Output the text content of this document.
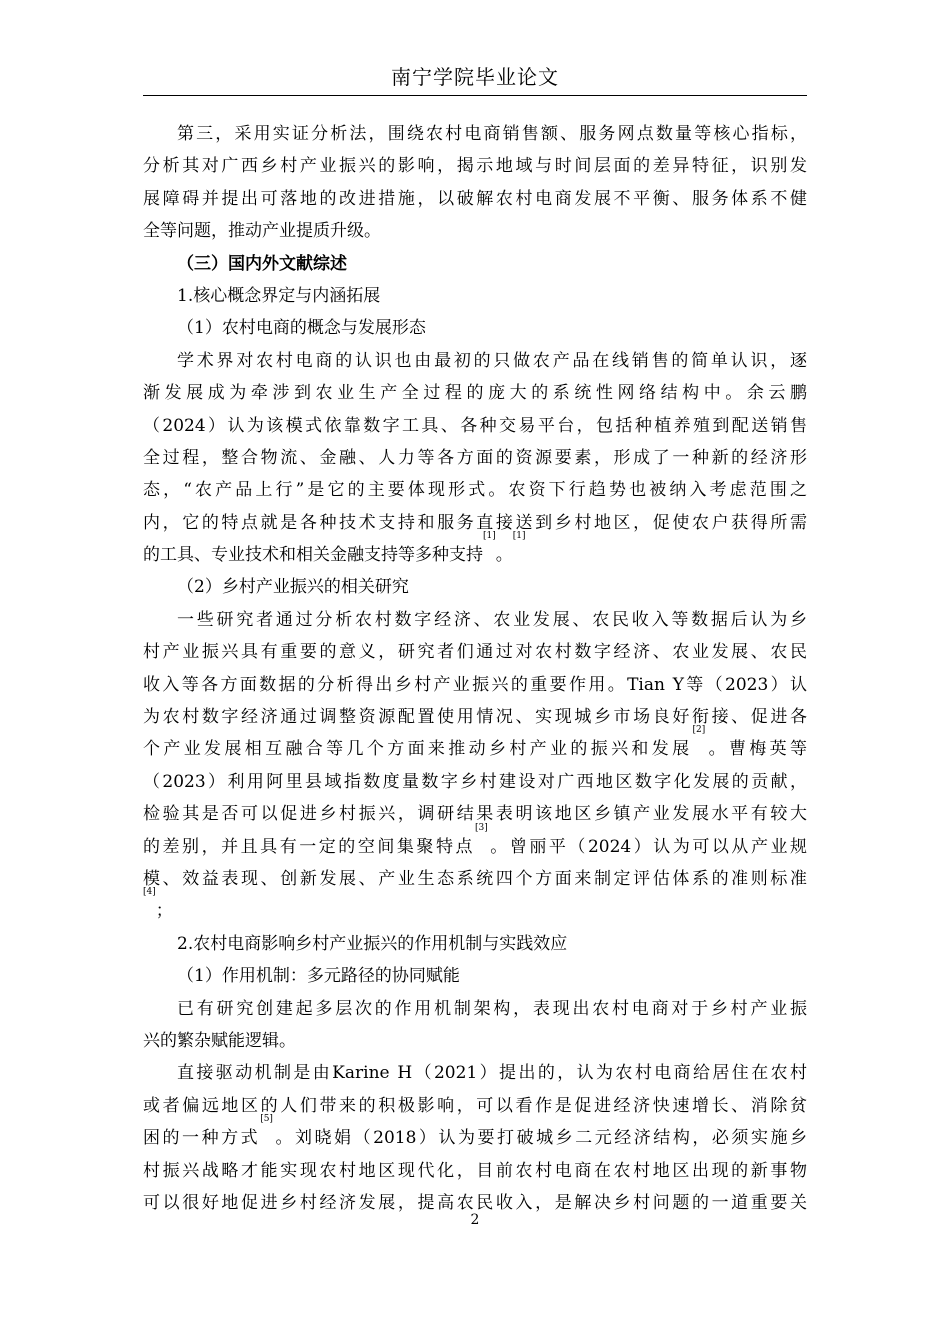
南宁学院毕业论文
第三，采用实证分析法，围绕农村电商销售额、服务网点数量等核心指标，
分析其对广西乡村产业振兴的影响，揭示地域与时间层面的差异特征，识别发
展障碍并提出可落地的改进措施，以破解农村电商发展不平衡、服务体系不健
全等问题，推动产业提质升级。
（三）国内外文献综述
1.核心概念界定与内涵拓展
（1）农村电商的概念与发展形态
学术界对农村电商的认识也由最初的只做农产品在线销售的简单认识，逐
渐发展成为牵涉到农业生产全过程的庞大的系统性网络结构中。余云鹏
（2024）认为该模式依靠数字工具、各种交易平台，包括种植养殖到配送销售
全过程，整合物流、金融、人力等各方面的资源要素，形成了一种新的经济形
态，“农产品上行”是它的主要体现形式。农资下行趋势也被纳入考虑范围之
内，它的特点就是各种技术支持和服务直接送到乡村地区，促使农户获得所需
的工具、专业技术和相关金融支持等多种支持[1]。[1]
（2）乡村产业振兴的相关研究
一些研究者通过分析农村数字经济、农业发展、农民收入等数据后认为乡
村产业振兴具有重要的意义，研究者们通过对农村数字经济、农业发展、农民
收入等各方面数据的分析得出乡村产业振兴的重要作用。Tian Y等（2023）认
为农村数字经济通过调整资源配置使用情况、实现城乡市场良好衔接、促进各
个产业发展相互融合等几个方面来推动乡村产业的振兴和发展[2]。曹梅英等
（2023）利用阿里县域指数度量数字乡村建设对广西地区数字化发展的贡献，
检验其是否可以促进乡村振兴，调研结果表明该地区乡镇产业发展水平有较大
的差别，并且具有一定的空间集聚特点[3]。曾丽平（2024）认为可以从产业规
模、效益表现、创新发展、产业生态系统四个方面来制定评估体系的准则标准
[4]；
2.农村电商影响乡村产业振兴的作用机制与实践效应
（1）作用机制：多元路径的协同赋能
已有研究创建起多层次的作用机制架构，表现出农村电商对于乡村产业振
兴的繁杂赋能逻辑。
直接驱动机制是由Karine H（2021）提出的，认为农村电商给居住在农村
或者偏远地区的人们带来的积极影响，可以看作是促进经济快速增长、消除贫
困的一种方式[5]。刘晓娟（2018）认为要打破城乡二元经济结构，必须实施乡
村振兴战略才能实现农村地区现代化，目前农村电商在农村地区出现的新事物
可以很好地促进乡村经济发展，提高农民收入，是解决乡村问题的一道重要关
2
